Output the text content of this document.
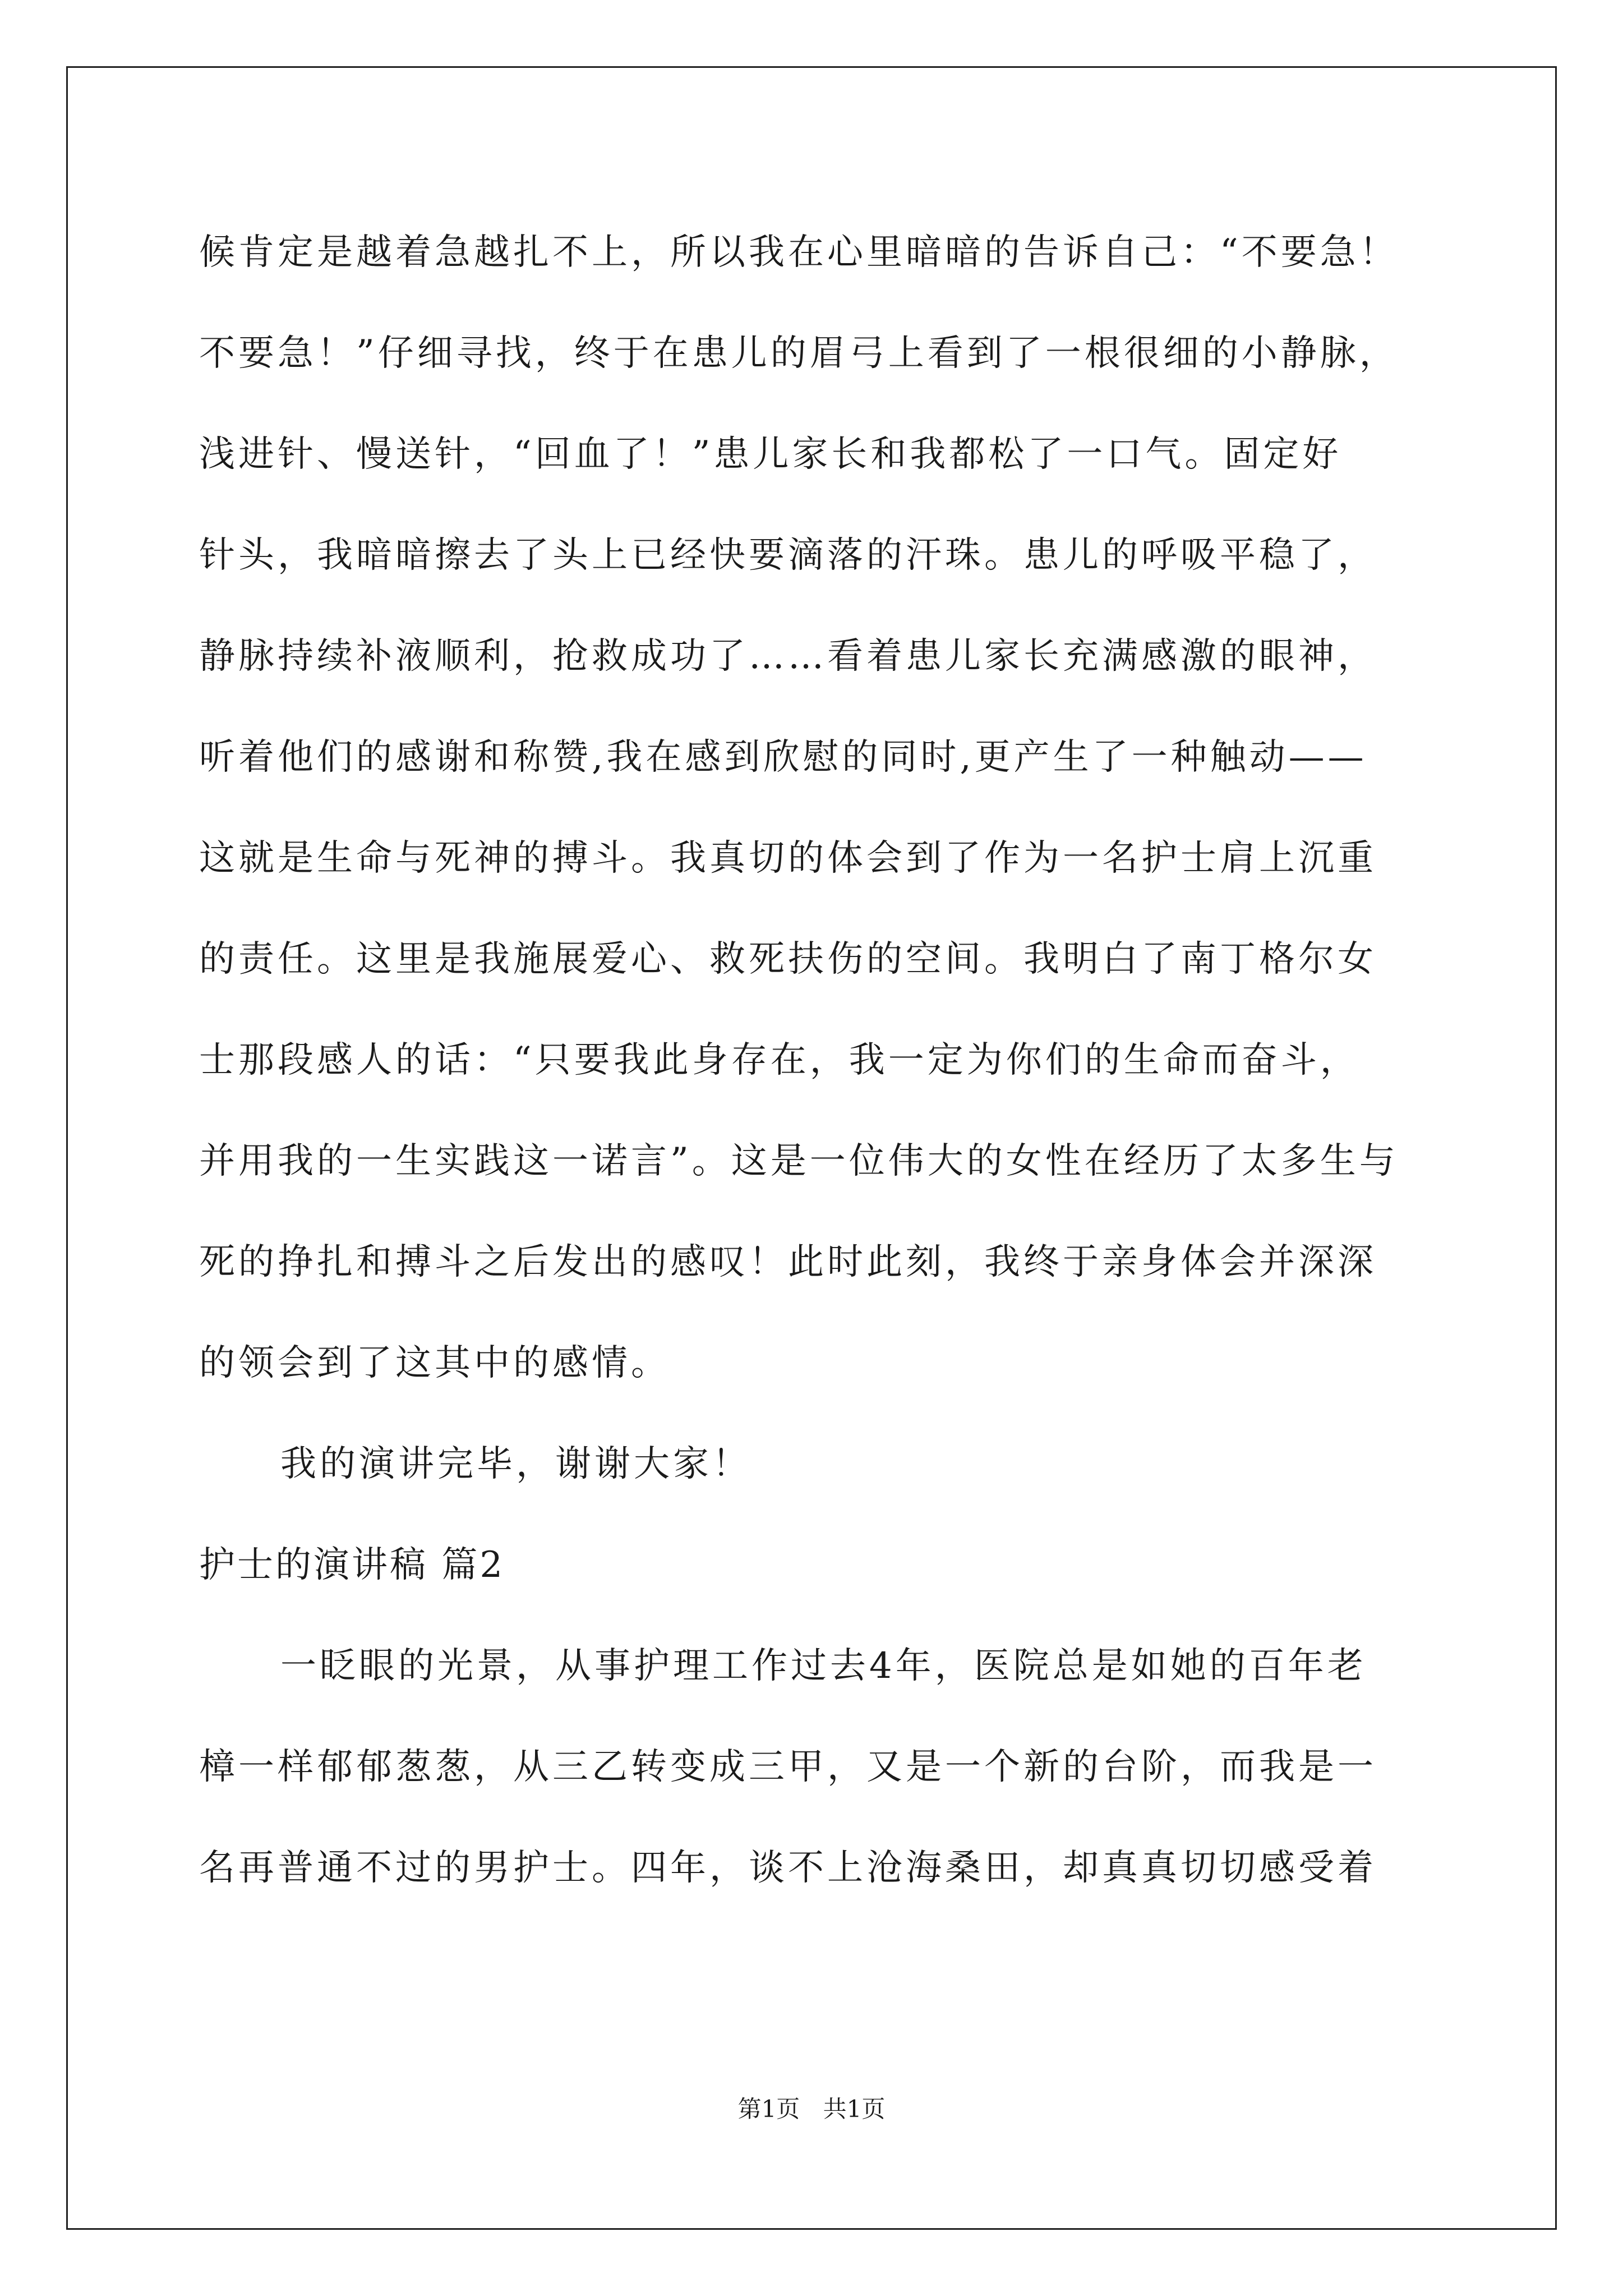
候肯定是越着急越扎不上，所以我在心里暗暗的告诉自己：“不要急！
不要急！”仔细寻找，终于在患儿的眉弓上看到了一根很细的小静脉，
浅进针、慢送针，“回血了！”患儿家长和我都松了一口气。固定好
针头，我暗暗擦去了头上已经快要滴落的汗珠。患儿的呼吸平稳了，
静脉持续补液顺利，抢救成功了……看着患儿家长充满感激的眼神，
听着他们的感谢和称赞,我在感到欣慰的同时,更产生了一种触动——
这就是生命与死神的搏斗。我真切的体会到了作为一名护士肩上沉重
的责任。这里是我施展爱心、救死扶伤的空间。我明白了南丁格尔女
士那段感人的话：“只要我此身存在，我一定为你们的生命而奋斗，
并用我的一生实践这一诺言”。这是一位伟大的女性在经历了太多生与
死的挣扎和搏斗之后发出的感叹！此时此刻，我终于亲身体会并深深
的领会到了这其中的感情。
我的演讲完毕，谢谢大家！
护士的演讲稿 篇2
一眨眼的光景，从事护理工作过去4年，医院总是如她的百年老
樟一样郁郁葱葱，从三乙转变成三甲，又是一个新的台阶，而我是一
名再普通不过的男护士。四年，谈不上沧海桑田，却真真切切感受着
第1页 共1页
